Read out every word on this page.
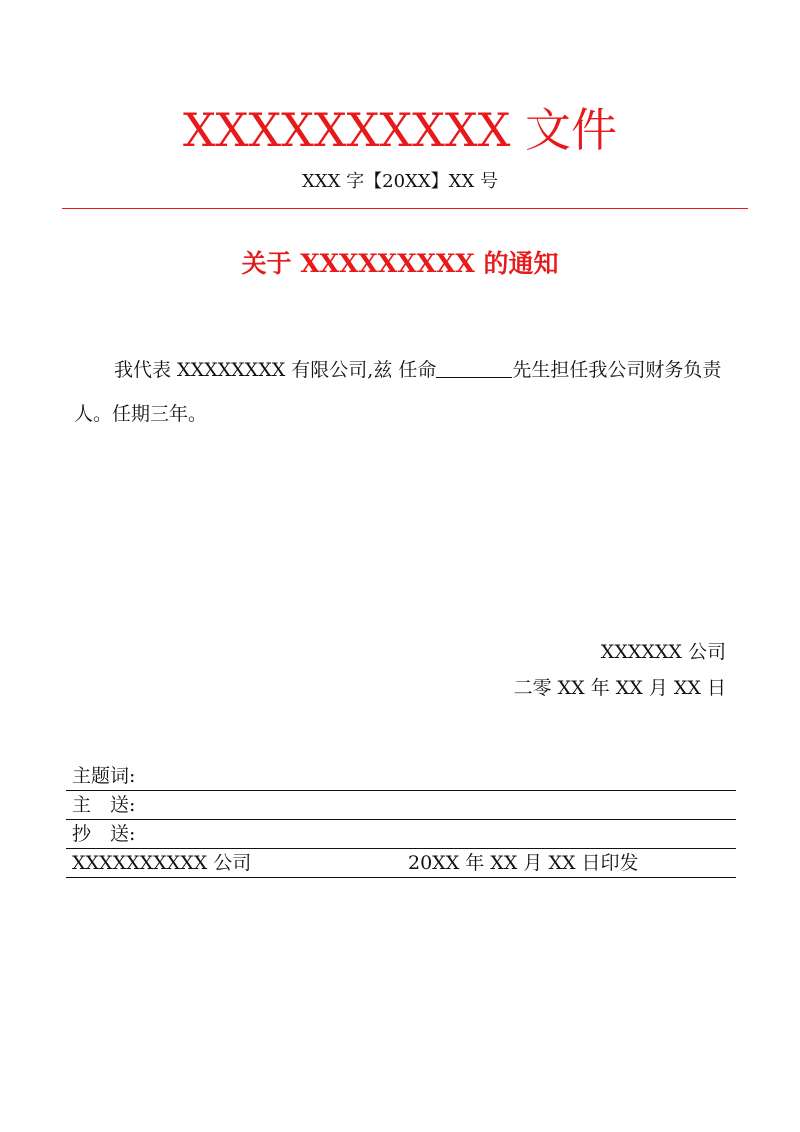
XXXXXXXXXX 文件
XXX 字【20XX】XX 号
关于 XXXXXXXXX 的通知
我代表 XXXXXXXX 有限公司,兹 任命	先生担任我公司财务负责人。任期三年。
XXXXXX 公司
二零 XX 年 XX 月 XX 日
主题词:
主　送:
抄　送:
XXXXXXXXXX 公司	20XX 年 XX 月 XX 日印发
